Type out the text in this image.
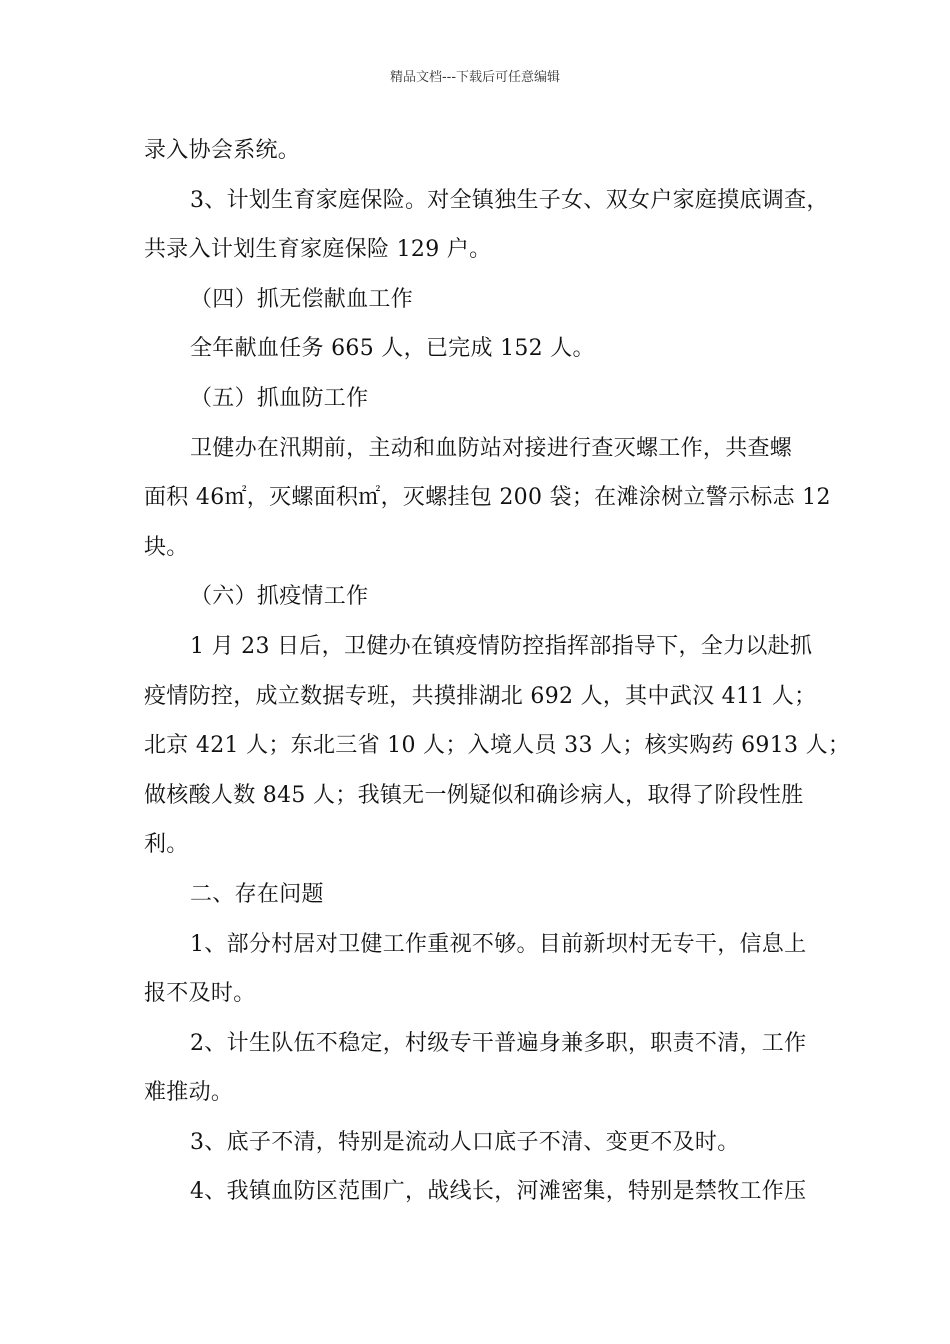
精品文档---下载后可任意编辑
录入协会系统。
3、计划生育家庭保险。对全镇独生子女、双女户家庭摸底调查，
共录入计划生育家庭保险 129 户。
（四）抓无偿献血工作
全年献血任务 665 人，已完成 152 人。
（五）抓血防工作
卫健办在汛期前，主动和血防站对接进行查灭螺工作，共查螺
面积 46㎡，灭螺面积㎡，灭螺挂包 200 袋；在滩涂树立警示标志 12
块。
（六）抓疫情工作
1 月 23 日后，卫健办在镇疫情防控指挥部指导下，全力以赴抓
疫情防控，成立数据专班，共摸排湖北 692 人，其中武汉 411 人；
北京 421 人；东北三省 10 人；入境人员 33 人；核实购药 6913 人；
做核酸人数 845 人；我镇无一例疑似和确诊病人，取得了阶段性胜
利。
二、存在问题
1、部分村居对卫健工作重视不够。目前新坝村无专干，信息上
报不及时。
2、计生队伍不稳定，村级专干普遍身兼多职，职责不清，工作
难推动。
3、底子不清，特别是流动人口底子不清、变更不及时。
4、我镇血防区范围广，战线长，河滩密集，特别是禁牧工作压
